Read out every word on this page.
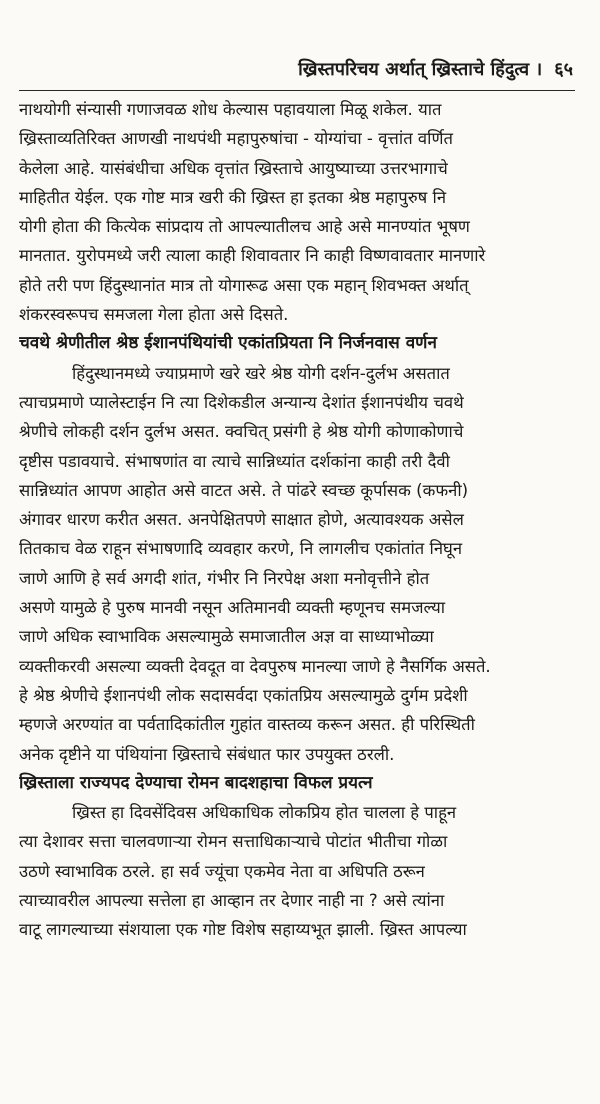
ख्रिस्तपरिचय अर्थात् ख्रिस्ताचे हिंदुत्व । ६५
नाथयोगी संन्यासी गणाजवळ शोध केल्यास पहावयाला मिळू शकेल. यात
ख्रिस्ताव्यतिरिक्त आणखी नाथपंथी महापुरुषांचा - योग्यांचा - वृत्तांत वर्णित
केलेला आहे. यासंबंधीचा अधिक वृत्तांत ख्रिस्ताचे आयुष्याच्या उत्तरभागाचे
माहितीत येईल. एक गोष्ट मात्र खरी की ख्रिस्त हा इतका श्रेष्ठ महापुरुष नि
योगी होता की कित्येक सांप्रदाय तो आपल्यातीलच आहे असे मानण्यांत भूषण
मानतात. युरोपमध्ये जरी त्याला काही शिवावतार नि काही विष्णवावतार मानणारे
होते तरी पण हिंदुस्थानांत मात्र तो योगारूढ असा एक महान् शिवभक्त अर्थात्
शंकरस्वरूपच समजला गेला होता असे दिसते.
चवथे श्रेणीतील श्रेष्ठ ईशानपंथियांची एकांतप्रियता नि निर्जनवास वर्णन
हिंदुस्थानमध्ये ज्याप्रमाणे खरे खरे श्रेष्ठ योगी दर्शन-दुर्लभ असतात
त्याचप्रमाणे प्यालेस्टाईन नि त्या दिशेकडील अन्यान्य देशांत ईशानपंथीय चवथे
श्रेणीचे लोकही दर्शन दुर्लभ असत. क्वचित् प्रसंगी हे श्रेष्ठ योगी कोणाकोणाचे
दृष्टीस पडावयाचे. संभाषणांत वा त्याचे सान्निध्यांत दर्शकांना काही तरी दैवी
सान्निध्यांत आपण आहोत असे वाटत असे. ते पांढरे स्वच्छ कूर्पासक (कफनी)
अंगावर धारण करीत असत. अनपेक्षितपणे साक्षात होणे, अत्यावश्यक असेल
तितकाच वेळ राहून संभाषणादि व्यवहार करणे, नि लागलीच एकांतांत निघून
जाणे आणि हे सर्व अगदी शांत, गंभीर नि निरपेक्ष अशा मनोवृत्तीने होत
असणे यामुळे हे पुरुष मानवी नसून अतिमानवी व्यक्ती म्हणूनच समजल्या
जाणे अधिक स्वाभाविक असल्यामुळे समाजातील अज्ञ वा साध्याभोळ्या
व्यक्तीकरवी असल्या व्यक्ती देवदूत वा देवपुरुष मानल्या जाणे हे नैसर्गिक असते.
हे श्रेष्ठ श्रेणीचे ईशानपंथी लोक सदासर्वदा एकांतप्रिय असल्यामुळे दुर्गम प्रदेशी
म्हणजे अरण्यांत वा पर्वतादिकांतील गुहांत वास्तव्य करून असत. ही परिस्थिती
अनेक दृष्टीने या पंथियांना ख्रिस्ताचे संबंधात फार उपयुक्त ठरली.
ख्रिस्ताला राज्यपद देण्याचा रोमन बादशहाचा विफल प्रयत्न
ख्रिस्त हा दिवसेंदिवस अधिकाधिक लोकप्रिय होत चालला हे पाहून
त्या देशावर सत्ता चालवणाऱ्या रोमन सत्ताधिकाऱ्याचे पोटांत भीतीचा गोळा
उठणे स्वाभाविक ठरले. हा सर्व ज्यूंचा एकमेव नेता वा अधिपति ठरून
त्याच्यावरील आपल्या सत्तेला हा आव्हान तर देणार नाही ना ? असे त्यांना
वाटू लागल्याच्या संशयाला एक गोष्ट विशेष सहाय्यभूत झाली. ख्रिस्त आपल्या
